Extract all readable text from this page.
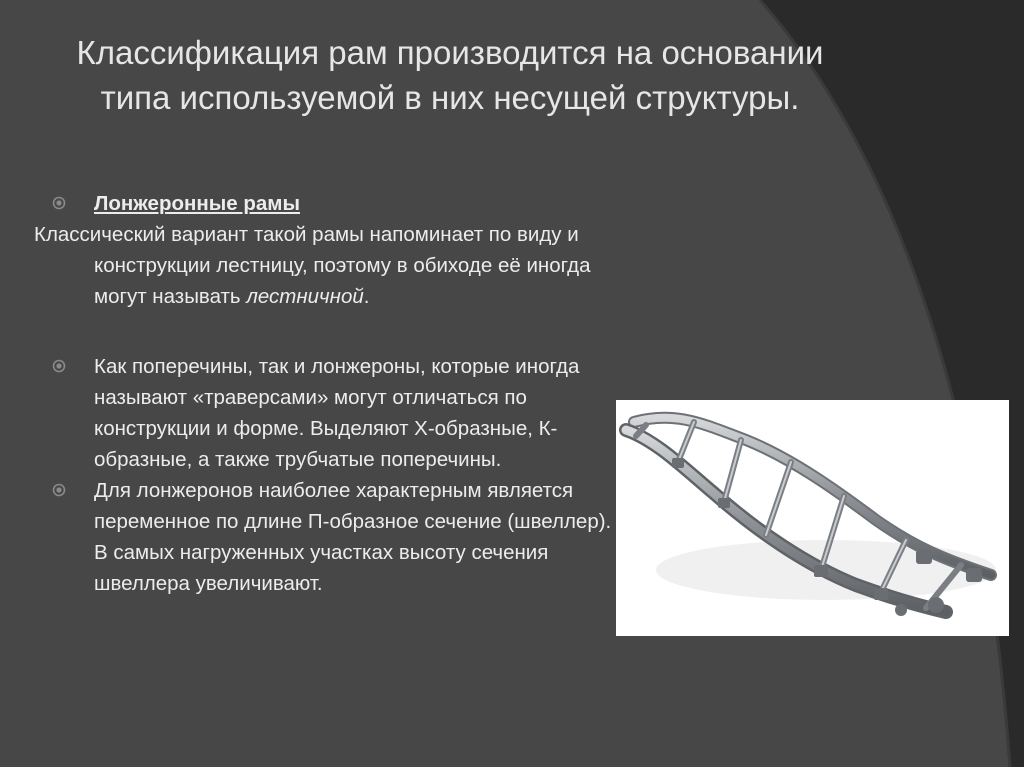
Классификация рам производится на основании типа используемой в них несущей структуры.
Лонжеронные рамы
Классический вариант такой рамы напоминает по виду и конструкции лестницу, поэтому в обиходе её иногда могут называть лестничной.
Как поперечины, так и лонжероны, которые иногда называют «траверсами» могут отличаться по конструкции и форме. Выделяют Х-образные, К-образные, а также трубчатые поперечины.
Для лонжеронов наиболее характерным является переменное по длине П-образное сечение (швеллер). В самых нагруженных участках высоту сечения швеллера увеличивают.
